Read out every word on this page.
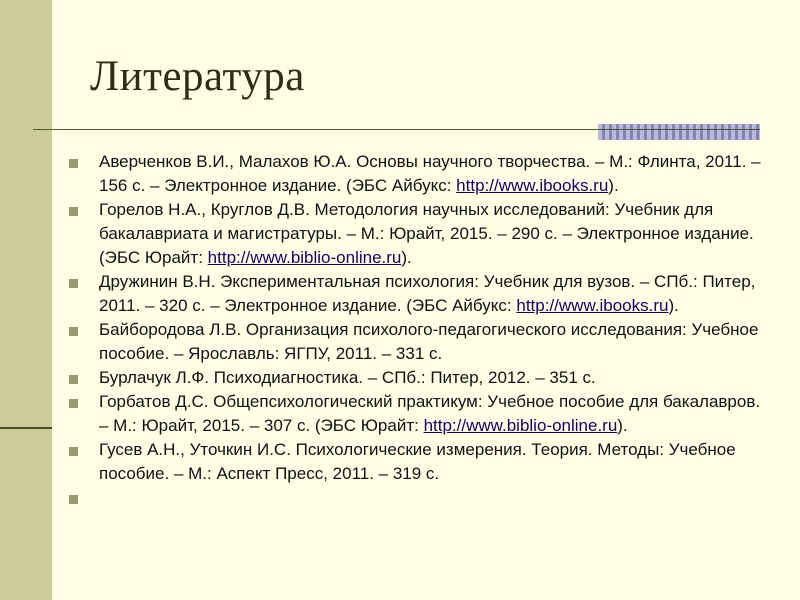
Литература
Аверченков В.И., Малахов Ю.А. Основы научного творчества. – М.: Флинта, 2011. – 156 с. – Электронное издание. (ЭБС Айбукс: http://www.ibooks.ru).
Горелов Н.А., Круглов Д.В. Методология научных исследований: Учебник для бакалавриата и магистратуры. – М.: Юрайт, 2015. – 290 с. – Электронное издание. (ЭБС Юрайт: http://www.biblio-online.ru).
Дружинин В.Н. Экспериментальная психология: Учебник для вузов. – СПб.: Питер, 2011. – 320 с. – Электронное издание. (ЭБС Айбукс: http://www.ibooks.ru).
Байбородова Л.В. Организация психолого-педагогического исследования: Учебное пособие. – Ярославль: ЯГПУ, 2011. – 331 с.
Бурлачук Л.Ф. Психодиагностика. – СПб.: Питер, 2012. – 351 с.
Горбатов Д.С. Общепсихологический практикум: Учебное пособие для бакалавров. – М.: Юрайт, 2015. – 307 с. (ЭБС Юрайт: http://www.biblio-online.ru).
Гусев А.Н., Уточкин И.С. Психологические измерения. Теория. Методы: Учебное пособие. – М.: Аспект Пресс, 2011. – 319 с.
